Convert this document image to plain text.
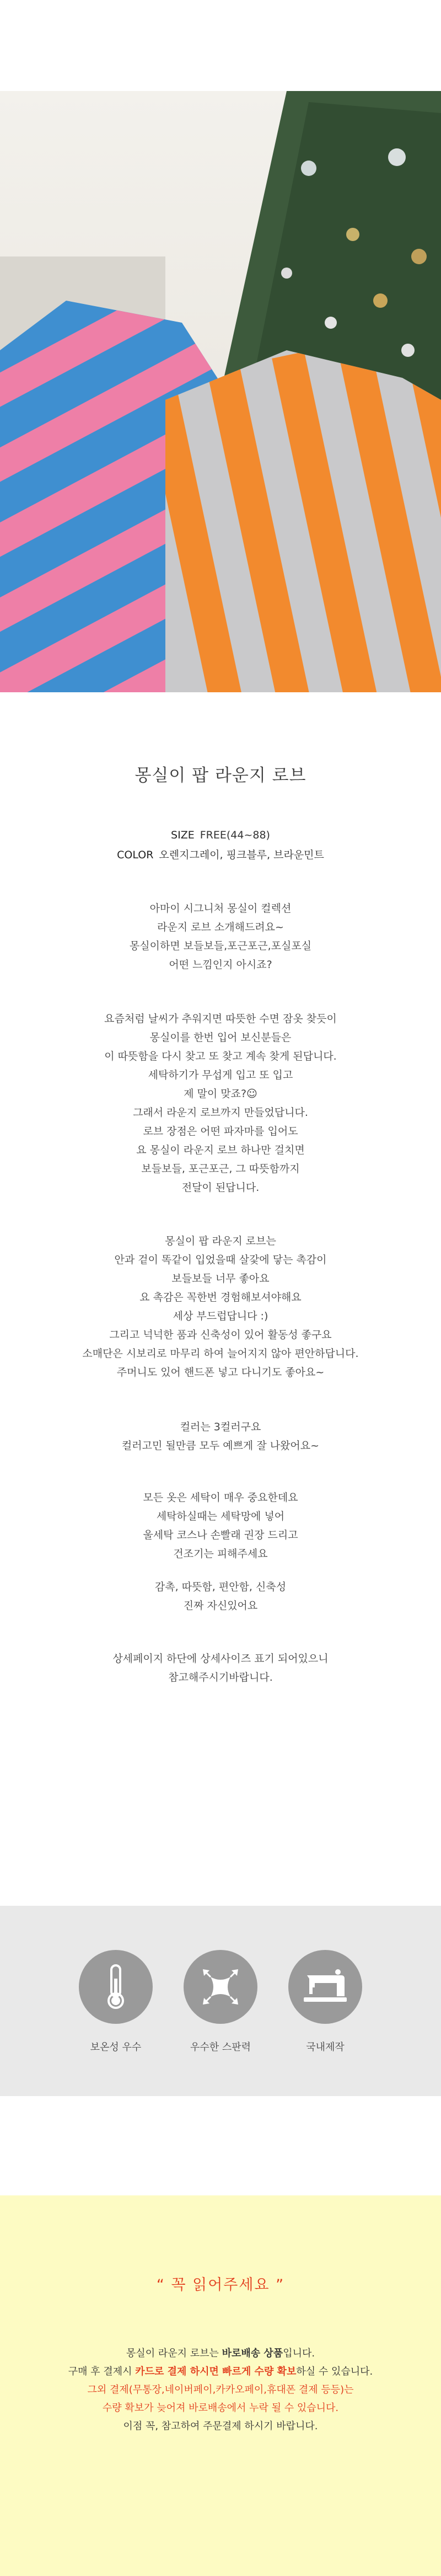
몽실이 팝 라운지 로브
SIZE FREE(44~88)
COLOR 오렌지그레이, 핑크블루, 브라운민트

아마이 시그니처 몽실이 컬렉션

라운지 로브 소개해드려요~

몽실이하면 보들보들,포근포근,포실포실

어떤 느낌인지 아시죠?

요즘처럼 날씨가 추워지면 따뜻한 수면 잠옷 찾듯이

몽실이를 한번 입어 보신분들은

이 따뜻함을 다시 찾고 또 찾고 계속 찾게 된답니다.

세탁하기가 무섭게 입고 또 입고

제 말이 맞죠?☺

그래서 라운지 로브까지 만들었답니다.

로브 장점은 어떤 파자마를 입어도

요 몽실이 라운지 로브 하나만 걸치면

보들보들, 포근포근, 그 따뜻함까지

전달이 된답니다.

몽실이 팝 라운지 로브는

안과 겉이 똑같이 입었을때 살갗에 닿는 촉감이

보들보들 너무 좋아요

요 촉감은 꼭한번 경험해보셔야해요

세상 부드럽답니다 :)

그리고 넉넉한 품과 신축성이 있어 활동성 좋구요

소매단은 시보리로 마무리 하여 늘어지지 않아 편안하답니다.

주머니도 있어 핸드폰 넣고 다니기도 좋아요~

컬러는 3컬러구요

컬러고민 될만큼 모두 예쁘게 잘 나왔어요~

모든 옷은 세탁이 매우 중요한데요

세탁하실때는 세탁망에 넣어

울세탁 코스나 손빨래 권장 드리고

건조기는 피해주세요

감촉, 따뜻함, 편안함, 신축성

진짜 자신있어요

상세페이지 하단에 상세사이즈 표기 되어있으니

참고해주시기바랍니다.

보온성 우수	우수한 스판력	국내제작
“ 꼭 읽어주세요 ”

몽실이 라운지 로브는 바로배송 상품입니다.

구매 후 결제시 카드로 결제 하시면 빠르게 수량 확보하실 수 있습니다.

그외 결제(무통장,네이버페이,카카오페이,휴대폰 결제 등등)는

수량 확보가 늦어져 바로배송에서 누락 될 수 있습니다.

이점 꼭, 참고하여 주문결제 하시기 바랍니다.
